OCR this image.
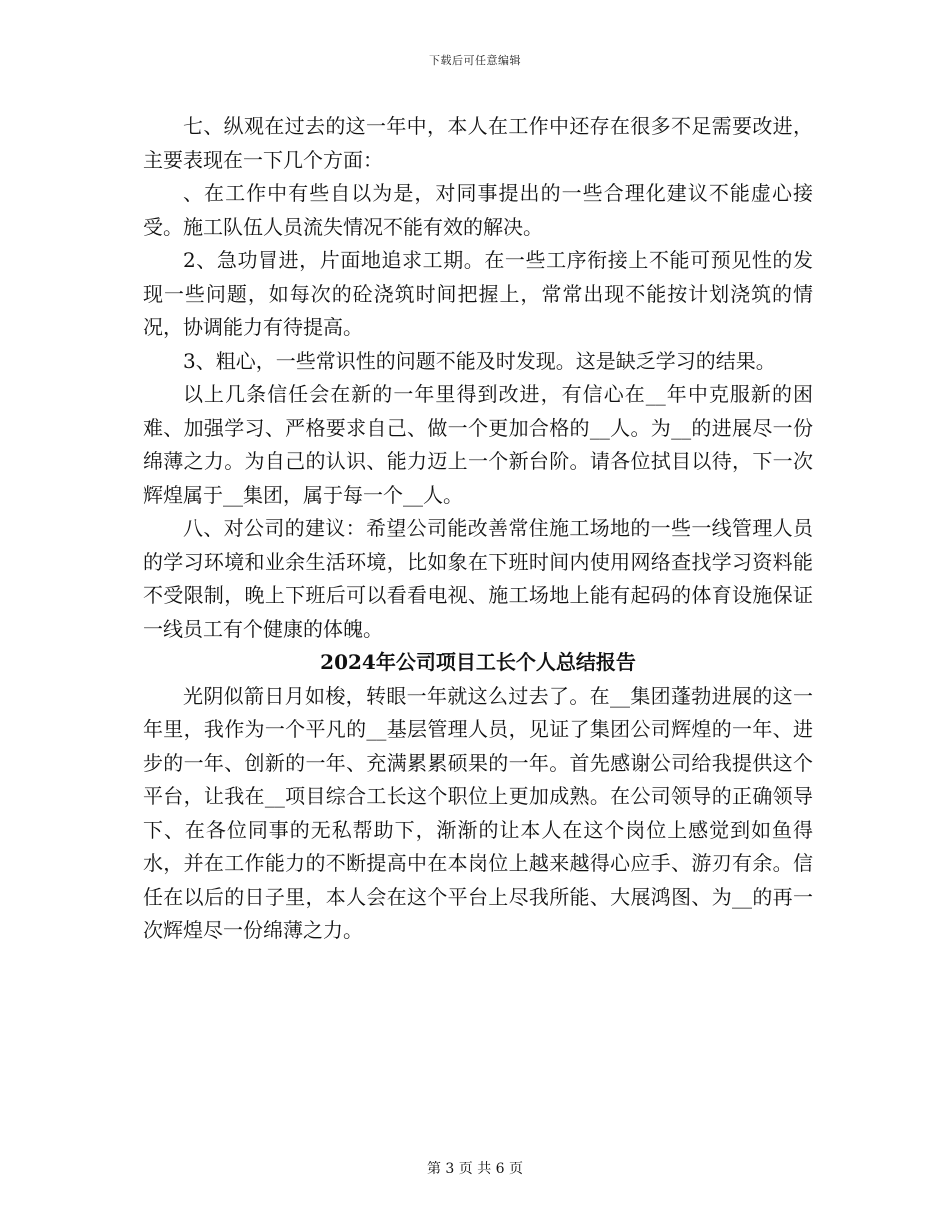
下载后可任意编辑

七、纵观在过去的这一年中，本人在工作中还存在很多不足需要改进，主要表现在一下几个方面：

、在工作中有些自以为是，对同事提出的一些合理化建议不能虚心接受。施工队伍人员流失情况不能有效的解决。

2、急功冒进，片面地追求工期。在一些工序衔接上不能可预见性的发现一些问题，如每次的砼浇筑时间把握上，常常出现不能按计划浇筑的情况，协调能力有待提高。

3、粗心，一些常识性的问题不能及时发现。这是缺乏学习的结果。

以上几条信任会在新的一年里得到改进，有信心在__年中克服新的困难、加强学习、严格要求自己、做一个更加合格的__人。为__的进展尽一份绵薄之力。为自己的认识、能力迈上一个新台阶。请各位拭目以待，下一次辉煌属于__集团，属于每一个__人。

八、对公司的建议：希望公司能改善常住施工场地的一些一线管理人员的学习环境和业余生活环境，比如象在下班时间内使用网络查找学习资料能不受限制，晚上下班后可以看看电视、施工场地上能有起码的体育设施保证一线员工有个健康的体魄。

2024年公司项目工长个人总结报告

光阴似箭日月如梭，转眼一年就这么过去了。在__集团蓬勃进展的这一年里，我作为一个平凡的__基层管理人员，见证了集团公司辉煌的一年、进步的一年、创新的一年、充满累累硕果的一年。首先感谢公司给我提供这个平台，让我在__项目综合工长这个职位上更加成熟。在公司领导的正确领导下、在各位同事的无私帮助下，渐渐的让本人在这个岗位上感觉到如鱼得水，并在工作能力的不断提高中在本岗位上越来越得心应手、游刃有余。信任在以后的日子里，本人会在这个平台上尽我所能、大展鸿图、为__的再一次辉煌尽一份绵薄之力。

第 3 页 共 6 页
